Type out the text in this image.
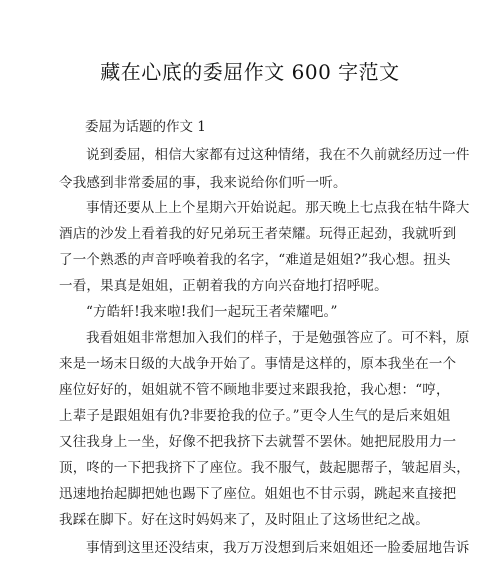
藏在心底的委屈作文 600 字范文
委屈为话题的作文 1
说到委屈，相信大家都有过这种情绪，我在不久前就经历过一件
令我感到非常委屈的事，我来说给你们听一听。
事情还要从上上个星期六开始说起。那天晚上七点我在牯牛降大
酒店的沙发上看着我的好兄弟玩王者荣耀。玩得正起劲，我就听到
了一个熟悉的声音呼唤着我的名字，“难道是姐姐?”我心想。扭头
一看，果真是姐姐，正朝着我的方向兴奋地打招呼呢。
“方皓轩!我来啦!我们一起玩王者荣耀吧。”
我看姐姐非常想加入我们的样子，于是勉强答应了。可不料，原
来是一场末日级的大战争开始了。事情是这样的，原本我坐在一个
座位好好的，姐姐就不管不顾地非要过来跟我抢，我心想：“哼，
上辈子是跟姐姐有仇?非要抢我的位子。”更令人生气的是后来姐姐
又往我身上一坐，好像不把我挤下去就誓不罢休。她把屁股用力一
顶，咚的一下把我挤下了座位。我不服气，鼓起腮帮子，皱起眉头，
迅速地抬起脚把她也踢下了座位。姐姐也不甘示弱，跳起来直接把
我踩在脚下。好在这时妈妈来了，及时阻止了这场世纪之战。
事情到这里还没结束，我万万没想到后来姐姐还一脸委屈地告诉
